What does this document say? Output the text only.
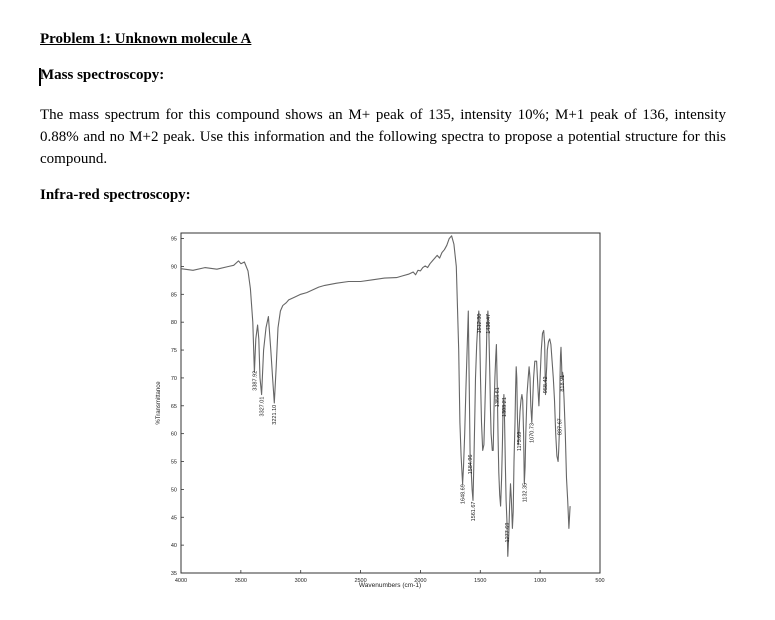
Problem 1: Unknown molecule A
Mass spectroscopy:

The mass spectrum for this compound shows an M+ peak of 135, intensity 10%; M+1 peak of 136, intensity 0.88% and no M+2 peak. Use this information and the following spectra to propose a potential structure for this compound.

Infra-red spectroscopy:
95
90
85
80
75
70
65
60
55
50
45
40
35
4000	3500	3000	2500	2000	1500	1000	500
%Transmittance
Wavenumbers (cm-1)
3387.92
3327.01 3221.10
1648.69
1584.96
1561.67
1512.30 1436.47
1358.61 1303.21
1277.69
1175.69
1132.35
1070.73
958.42
837.67
818.91
